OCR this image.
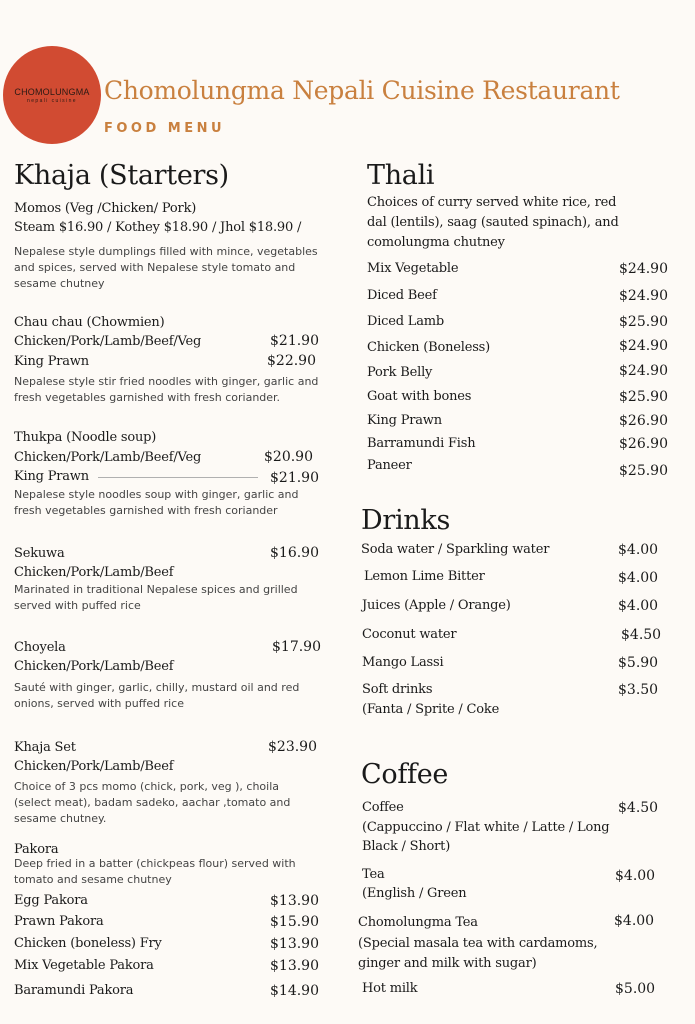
CHOMOLUNGMA
nepali cuisine	Chomolungma Nepali Cuisine Restaurant
FOOD MENU
Khaja (Starters)
Momos (Veg /Chicken/ Pork)
Steam $16.90 / Kothey $18.90 / Jhol $18.90 /
Nepalese style dumplings filled with mince, vegetables and spices, served with Nepalese style tomato and sesame chutney
Chau chau (Chowmien)
Chicken/Pork/Lamb/Beef/Veg	$21.90
King Prawn	$22.90
Nepalese style stir fried noodles with ginger, garlic and fresh vegetables garnished with fresh coriander.
Thukpa (Noodle soup)
Chicken/Pork/Lamb/Beef/Veg	$20.90
King Prawn	$21.90
Nepalese style noodles soup with ginger, garlic and fresh vegetables garnished with fresh coriander
Sekuwa	$16.90
Chicken/Pork/Lamb/Beef
Marinated in traditional Nepalese spices and grilled served with puffed rice
Choyela	$17.90
Chicken/Pork/Lamb/Beef
Sauté with ginger, garlic, chilly, mustard oil and red onions, served with puffed rice
Khaja Set	$23.90
Chicken/Pork/Lamb/Beef
Choice of 3 pcs momo (chick, pork, veg ), choila (select meat), badam sadeko, aachar ,tomato and sesame chutney.
Pakora
Deep fried in a batter (chickpeas flour) served with tomato and sesame chutney
Egg Pakora	$13.90
Prawn Pakora	$15.90
Chicken (boneless) Fry	$13.90
Mix Vegetable Pakora	$13.90
Baramundi Pakora	$14.90
Thali
Choices of curry served white rice, red dal (lentils), saag (sauted spinach), and comolungma chutney
Mix Vegetable	$24.90
Diced Beef	$24.90
Diced Lamb	$25.90
Chicken (Boneless)	$24.90
Pork Belly	$24.90
Goat with bones	$25.90
King Prawn	$26.90
Barramundi Fish	$26.90
Paneer	$25.90
Drinks
Soda water / Sparkling water	$4.00
Lemon Lime Bitter	$4.00
Juices (Apple / Orange)	$4.00
Coconut water	$4.50
Mango Lassi	$5.90
Soft drinks	$3.50
(Fanta / Sprite / Coke
Coffee
Coffee	$4.50
(Cappuccino / Flat white / Latte / Long
Black / Short)
Tea	$4.00
(English / Green
Chomolungma Tea	$4.00
(Special masala tea with cardamoms,
ginger and milk with sugar)
Hot milk	$5.00
